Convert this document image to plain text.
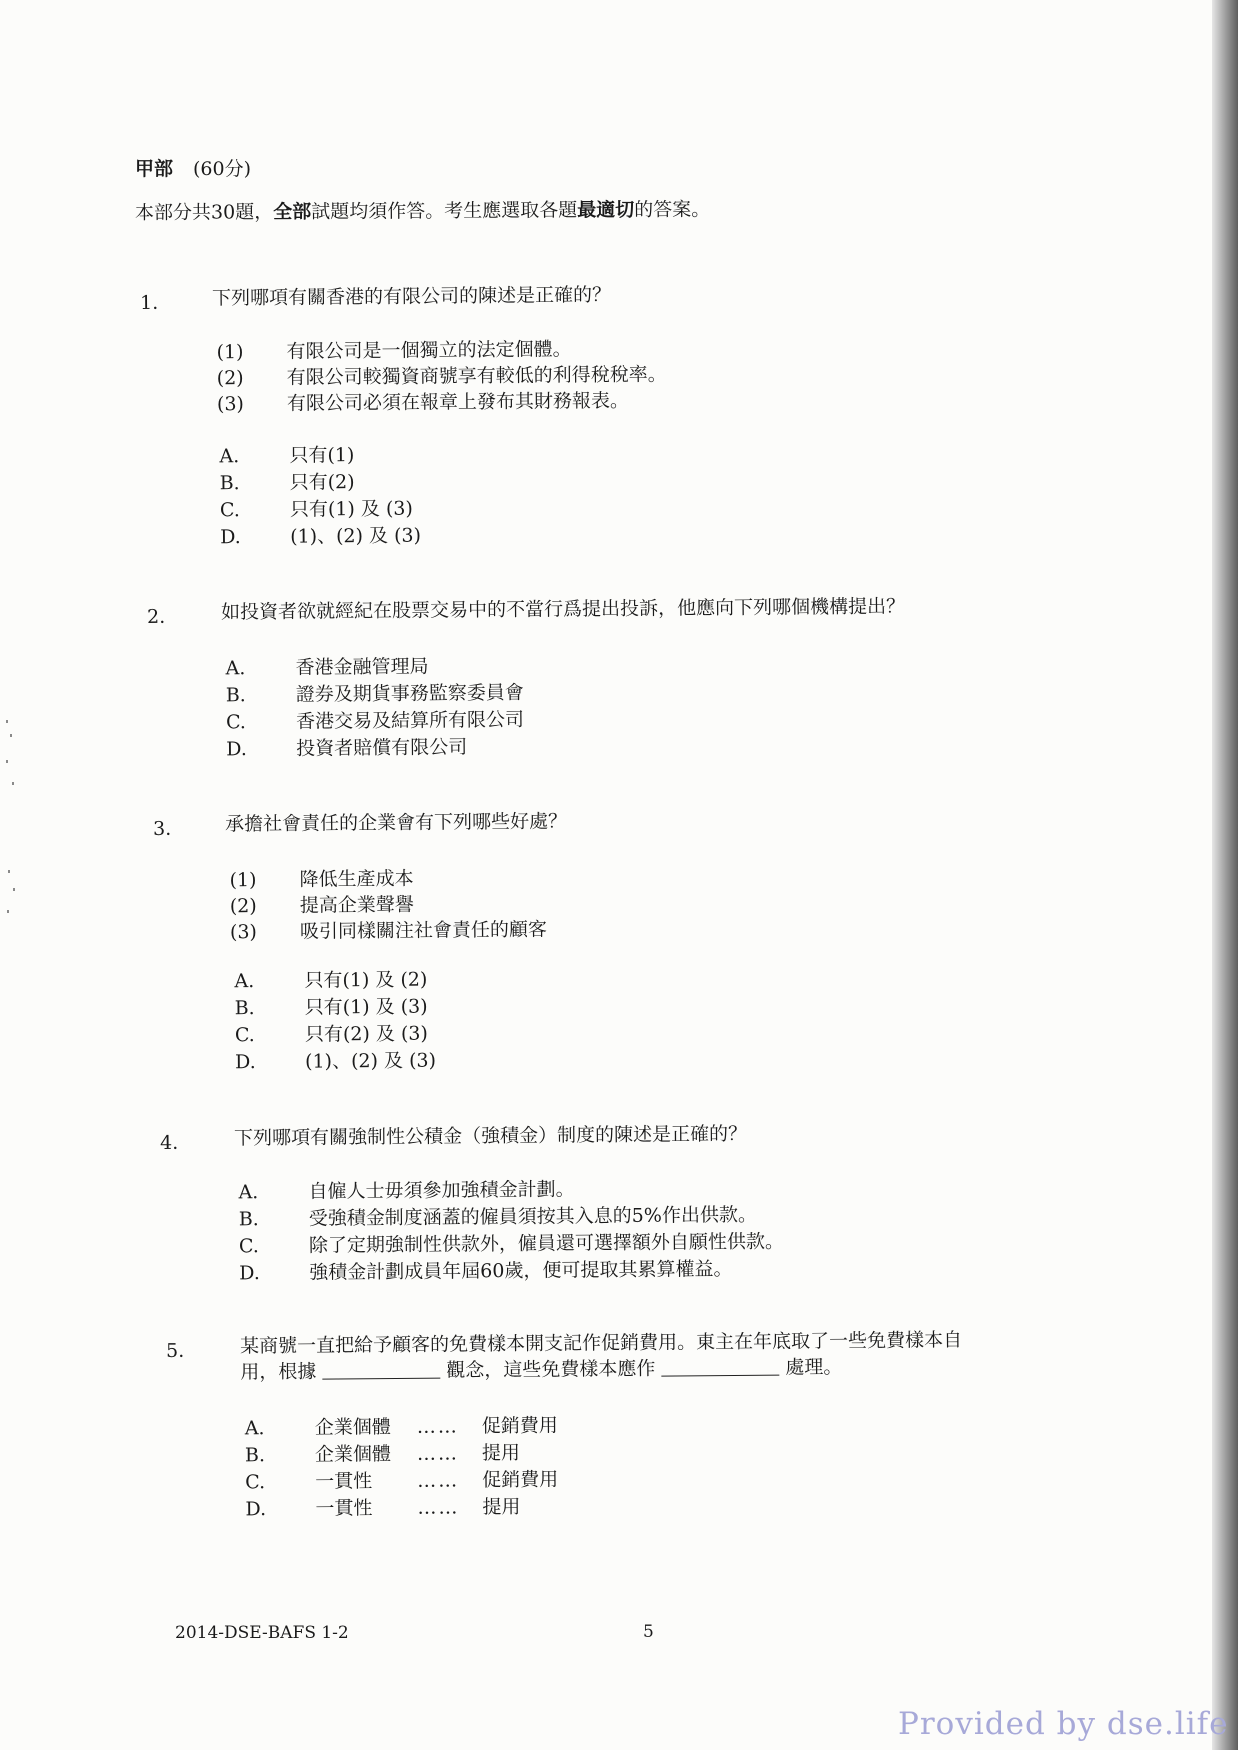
甲部 (60分)
本部分共30題，全部試題均須作答。考生應選取各題最適切的答案。
1.	下列哪項有關香港的有限公司的陳述是正確的？
(1) 有限公司是一個獨立的法定個體。
(2) 有限公司較獨資商號享有較低的利得稅稅率。
(3) 有限公司必須在報章上發布其財務報表。
A.	只有(1)
B.	只有(2)
C.	只有(1) 及 (3)
D.	(1)、(2) 及 (3)
2.	如投資者欲就經紀在股票交易中的不當行爲提出投訴，他應向下列哪個機構提出？
A.	香港金融管理局
B.	證券及期貨事務監察委員會
C.	香港交易及結算所有限公司
D.	投資者賠償有限公司
3.	承擔社會責任的企業會有下列哪些好處？
(1) 降低生產成本
(2) 提高企業聲譽
(3) 吸引同樣關注社會責任的顧客
A.	只有(1) 及 (2)
B.	只有(1) 及 (3)
C.	只有(2) 及 (3)
D.	(1)、(2) 及 (3)
4.	下列哪項有關強制性公積金（強積金）制度的陳述是正確的？
A.	自僱人士毋須參加強積金計劃。
B.	受強積金制度涵蓋的僱員須按其入息的5%作出供款。
C.	除了定期強制性供款外，僱員還可選擇額外自願性供款。
D.	強積金計劃成員年屆60歲，便可提取其累算權益。
5.	某商號一直把給予顧客的免費樣本開支記作促銷費用。東主在年底取了一些免費樣本自
用，根據	觀念，這些免費樣本應作	處理。
A.	企業個體 …… 促銷費用
B.	企業個體 …… 提用
C.	一貫性 …… 促銷費用
D.	一貫性 …… 提用
2014-DSE-BAFS 1-2	5
Provided by dse.life
